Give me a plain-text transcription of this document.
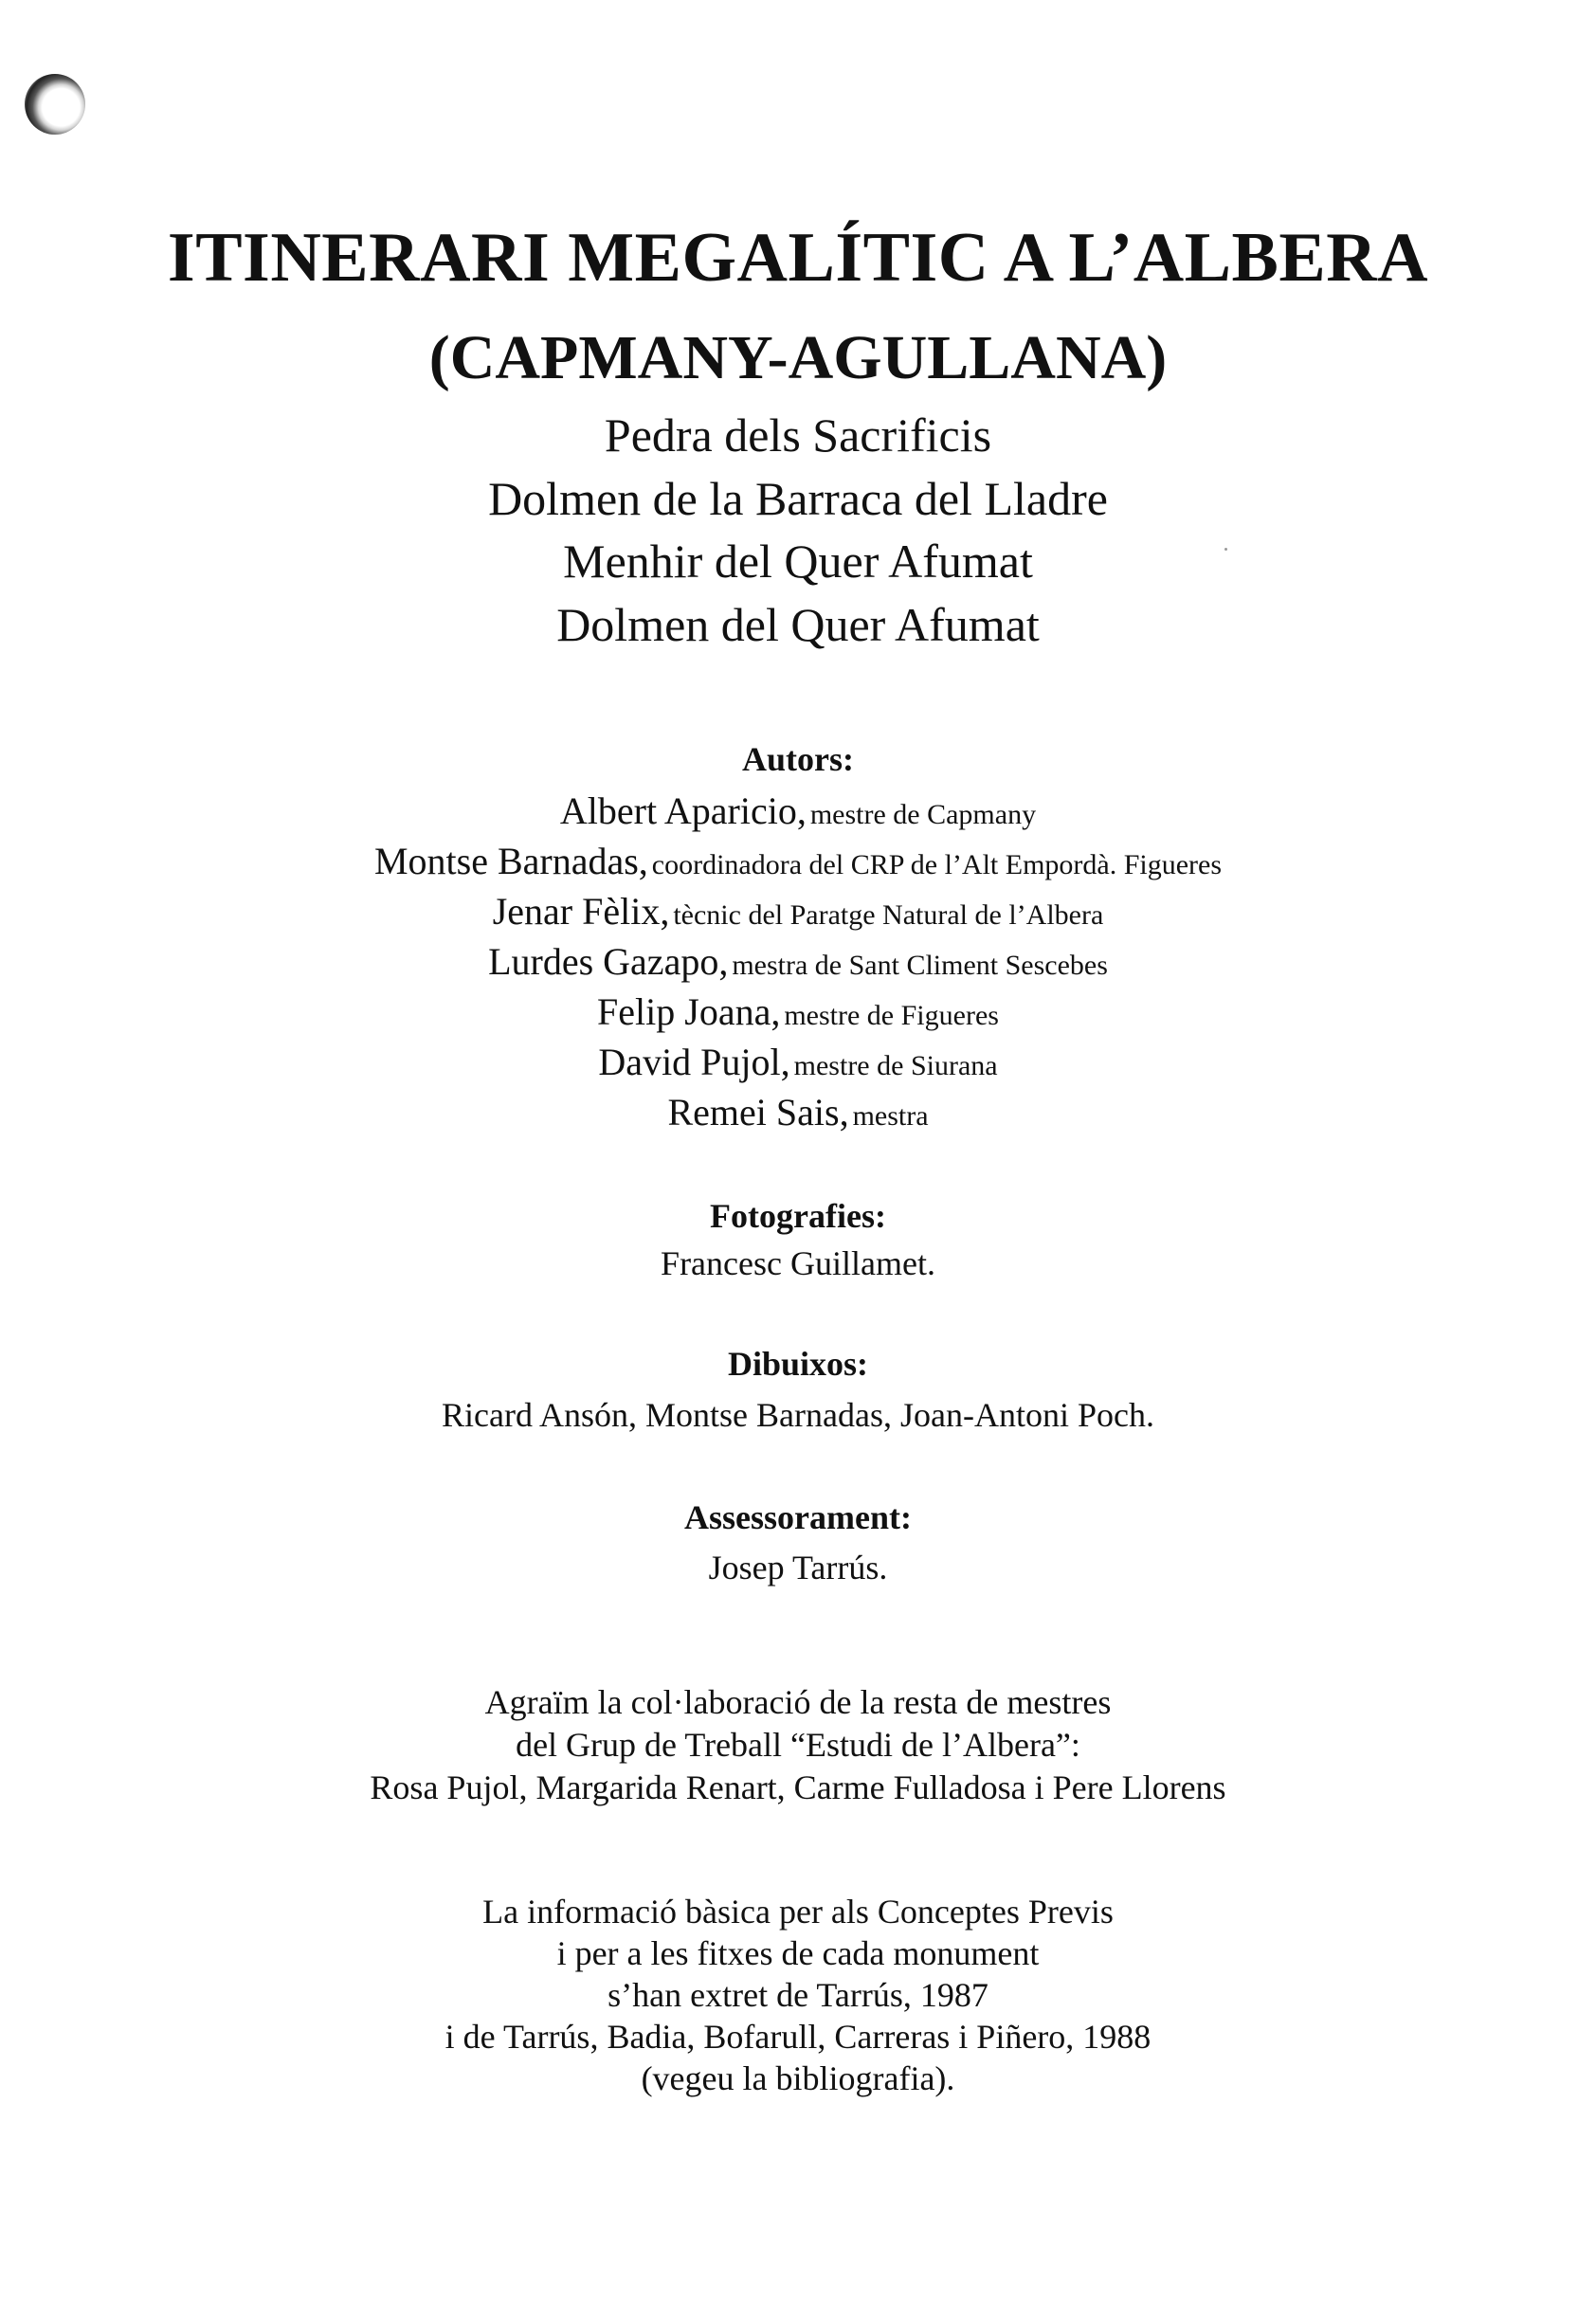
ITINERARI MEGALÍTIC A L’ALBERA
(CAPMANY-AGULLANA)
Pedra dels Sacrificis
Dolmen de la Barraca del Lladre
Menhir del Quer Afumat
Dolmen del Quer Afumat
Autors:
Albert Aparicio, mestre de Capmany
Montse Barnadas, coordinadora del CRP de l’Alt Empordà. Figueres
Jenar Fèlix, tècnic del Paratge Natural de l’Albera
Lurdes Gazapo, mestra de Sant Climent Sescebes
Felip Joana, mestre de Figueres
David Pujol, mestre de Siurana
Remei Sais, mestra
Fotografies:
Francesc Guillamet.
Dibuixos:
Ricard Ansón, Montse Barnadas, Joan-Antoni Poch.
Assessorament:
Josep Tarrús.
Agraïm la col·laboració de la resta de mestres
del Grup de Treball “Estudi de l’Albera”:
Rosa Pujol, Margarida Renart, Carme Fulladosa i Pere Llorens
La informació bàsica per als Conceptes Previs
i per a les fitxes de cada monument
s’han extret de Tarrús, 1987
i de Tarrús, Badia, Bofarull, Carreras i Piñero, 1988
(vegeu la bibliografia).
